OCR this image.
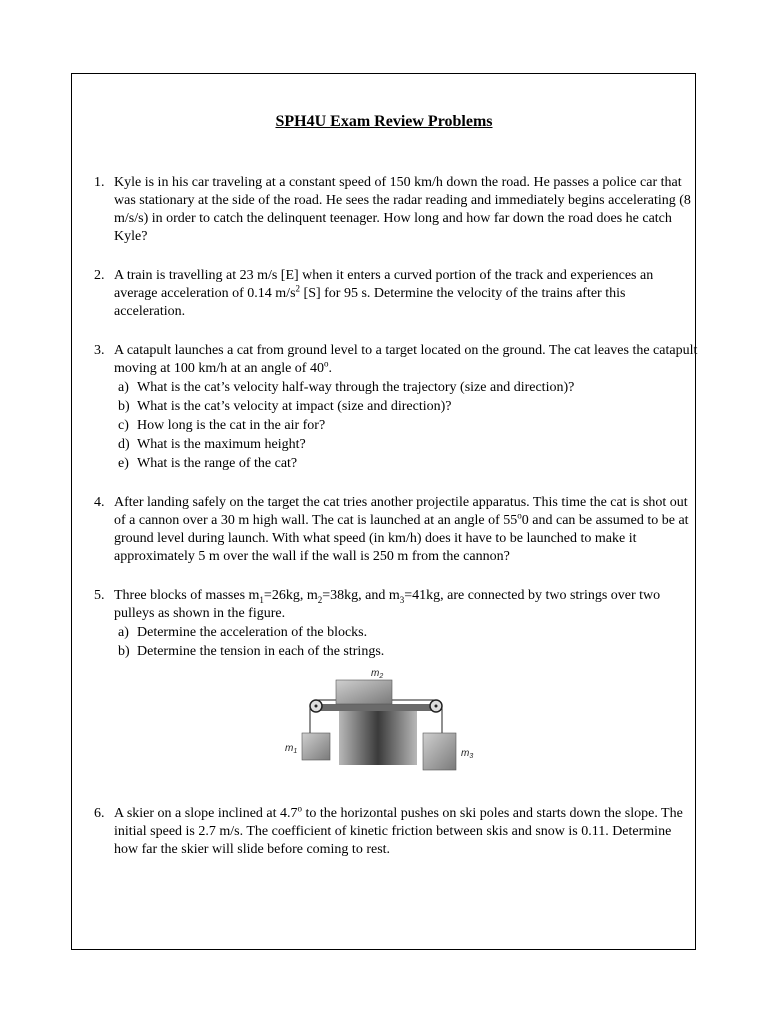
SPH4U Exam Review Problems
1. Kyle is in his car traveling at a constant speed of 150 km/h down the road. He passes a police car that was stationary at the side of the road. He sees the radar reading and immediately begins accelerating (8 m/s/s) in order to catch the delinquent teenager. How long and how far down the road does he catch Kyle?
2. A train is travelling at 23 m/s [E] when it enters a curved portion of the track and experiences an average acceleration of 0.14 $m/s^2$ [S] for 95 s. Determine the velocity of the trains after this acceleration.
3. A catapult launches a cat from ground level to a target located on the ground. The cat leaves the catapult moving at 100 km/h at an angle of 40$^o$.
a) What is the cat’s velocity half-way through the trajectory (size and direction)?
b) What is the cat’s velocity at impact (size and direction)?
c) How long is the cat in the air for?
d) What is the maximum height?
e) What is the range of the cat?
4. After landing safely on the target the cat tries another projectile apparatus. This time the cat is shot out of a cannon over a 30 m high wall. The cat is launched at an angle of 55$^o$0 and can be assumed to be at ground level during launch. With what speed (in km/h) does it have to be launched to make it approximately 5 m over the wall if the wall is 250 m from the cannon?
5. Three blocks of masses $m_1=26kg$, $m_2=38kg$, and $m_3=41kg$, are connected by two strings over two pulleys as shown in the figure.
a) Determine the acceleration of the blocks.
b) Determine the tension in each of the strings.
$m_2$
$m_1$	$m_3$
6. A skier on a slope inclined at 4.7$^o$ to the horizontal pushes on ski poles and starts down the slope. The initial speed is 2.7 m/s. The coefficient of kinetic friction between skis and snow is 0.11. Determine how far the skier will slide before coming to rest.
